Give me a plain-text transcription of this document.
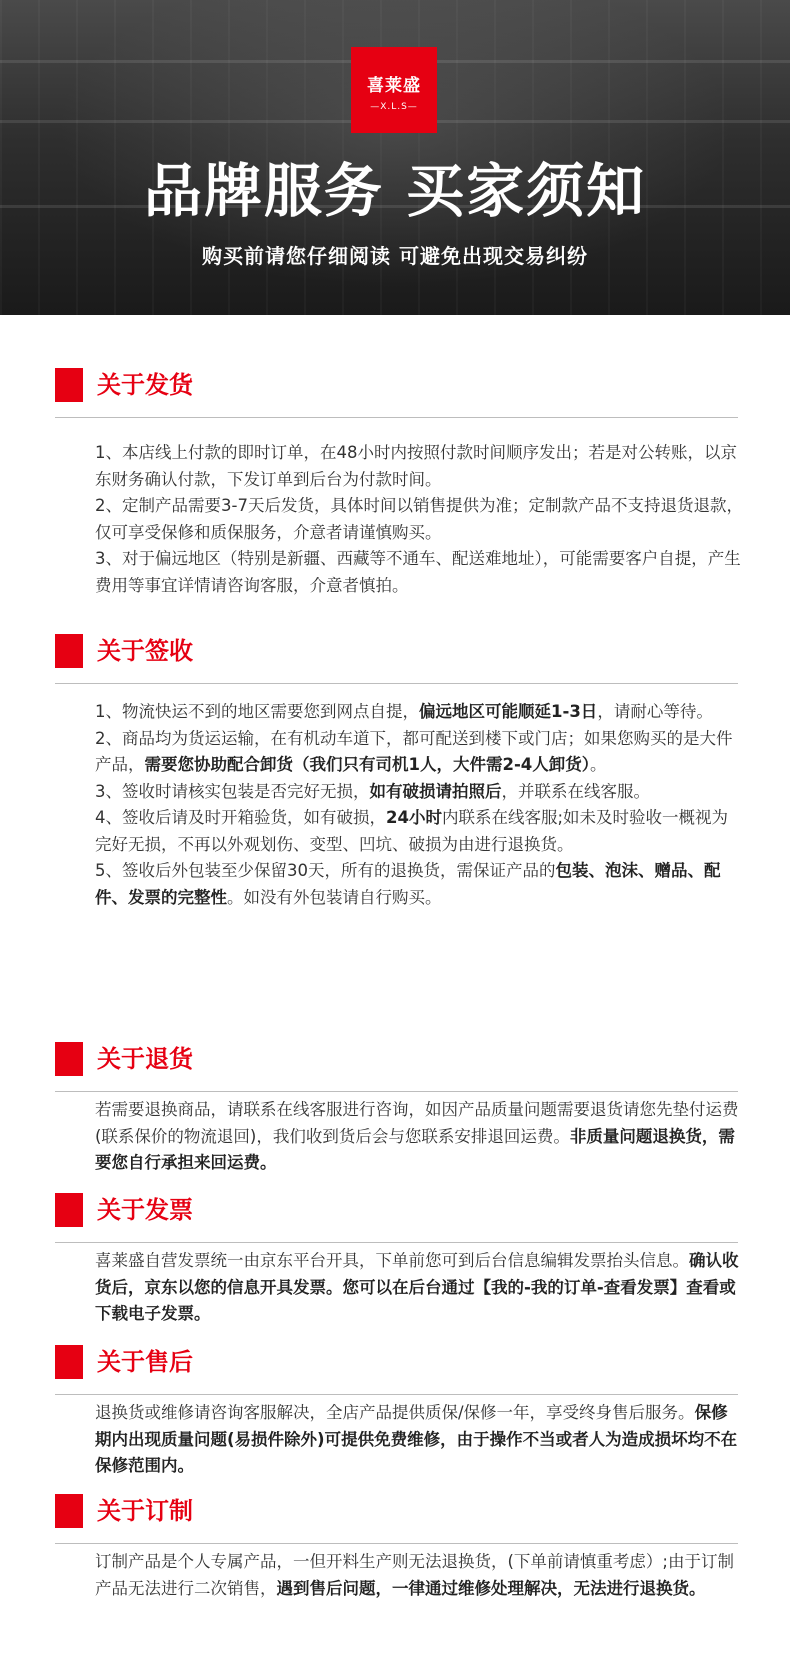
喜莱盛
—X.L.S—
品牌服务 买家须知
购买前请您仔细阅读 可避免出现交易纠纷
关于发货

1、本店线上付款的即时订单，在48小时内按照付款时间顺序发出；若是对公转账，以京东财务确认付款，下发订单到后台为付款时间。

2、定制产品需要3-7天后发货，具体时间以销售提供为准；定制款产品不支持退货退款，仅可享受保修和质保服务，介意者请谨慎购买。

3、对于偏远地区（特别是新疆、西藏等不通车、配送难地址），可能需要客户自提，产生费用等事宜详情请咨询客服，介意者慎拍。

关于签收

1、物流快运不到的地区需要您到网点自提，偏远地区可能顺延1-3日，请耐心等待。

2、商品均为货运运输，在有机动车道下，都可配送到楼下或门店；如果您购买的是大件产品，需要您协助配合卸货（我们只有司机1人，大件需2-4人卸货）。

3、签收时请核实包装是否完好无损，如有破损请拍照后，并联系在线客服。

4、签收后请及时开箱验货，如有破损，24小时内联系在线客服;如未及时验收一概视为完好无损，不再以外观划伤、变型、凹坑、破损为由进行退换货。

5、签收后外包装至少保留30天，所有的退换货，需保证产品的包装、泡沫、赠品、配件、发票的完整性。如没有外包装请自行购买。

关于退货

若需要退换商品，请联系在线客服进行咨询，如因产品质量问题需要退货请您先垫付运费(联系保价的物流退回)，我们收到货后会与您联系安排退回运费。非质量问题退换货，需要您自行承担来回运费。

关于发票

喜莱盛自营发票统一由京东平台开具，下单前您可到后台信息编辑发票抬头信息。确认收货后，京东以您的信息开具发票。您可以在后台通过【我的-我的订单-查看发票】查看或下载电子发票。

关于售后

退换货或维修请咨询客服解决，全店产品提供质保/保修一年，享受终身售后服务。保修期内出现质量问题(易损件除外)可提供免费维修，由于操作不当或者人为造成损坏均不在保修范围内。

关于订制

订制产品是个人专属产品，一但开料生产则无法退换货，(下单前请慎重考虑）;由于订制产品无法进行二次销售，遇到售后问题，一律通过维修处理解决，无法进行退换货。
